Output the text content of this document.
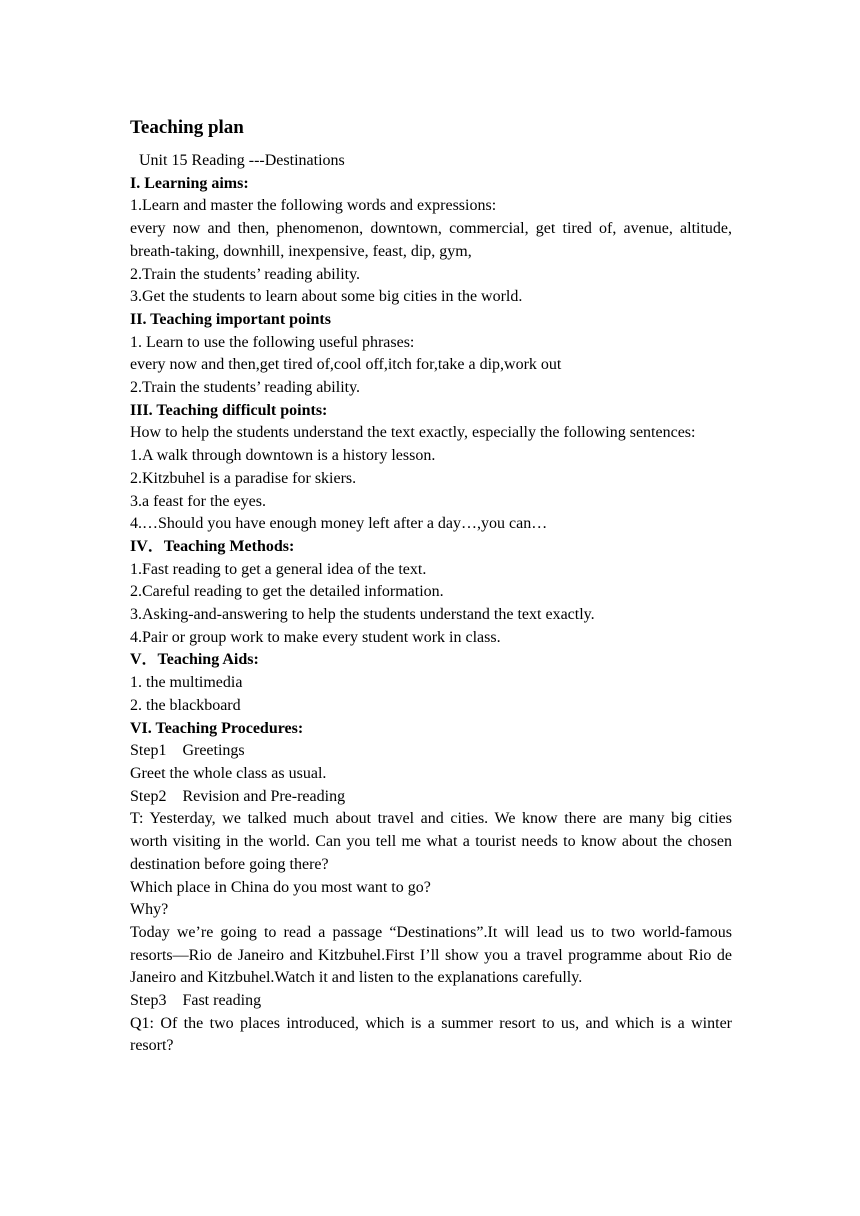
Teaching plan

Unit 15 Reading ---Destinations

I. Learning aims:

1.Learn and master the following words and expressions:

every now and then, phenomenon, downtown, commercial, get tired of, avenue, altitude, breath-taking, downhill, inexpensive, feast, dip, gym,

2.Train the students’ reading ability.

3.Get the students to learn about some big cities in the world.

II. Teaching important points

1. Learn to use the following useful phrases:

every now and then,get tired of,cool off,itch for,take a dip,work out

2.Train the students’ reading ability.

III. Teaching difficult points:

How to help the students understand the text exactly, especially the following sentences:

1.A walk through downtown is a history lesson.

2.Kitzbuhel is a paradise for skiers.

3.a feast for the eyes.

4.…Should you have enough money left after a day…,you can…

IV．Teaching Methods:

1.Fast reading to get a general idea of the text.

2.Careful reading to get the detailed information.

3.Asking-and-answering to help the students understand the text exactly.

4.Pair or group work to make every student work in class.

V．Teaching Aids:

1. the multimedia

2. the blackboard

VI. Teaching Procedures:

Step1    Greetings

Greet the whole class as usual.

Step2    Revision and Pre-reading

T: Yesterday, we talked much about travel and cities. We know there are many big cities worth visiting in the world. Can you tell me what a tourist needs to know about the chosen destination before going there?

Which place in China do you most want to go?

Why?

Today we’re going to read a passage “Destinations”.It will lead us to two world-famous resorts—Rio de Janeiro and Kitzbuhel.First I’ll show you a travel programme about Rio de Janeiro and Kitzbuhel.Watch it and listen to the explanations carefully.

Step3    Fast reading

Q1: Of the two places introduced, which is a summer resort to us, and which is a winter resort?
